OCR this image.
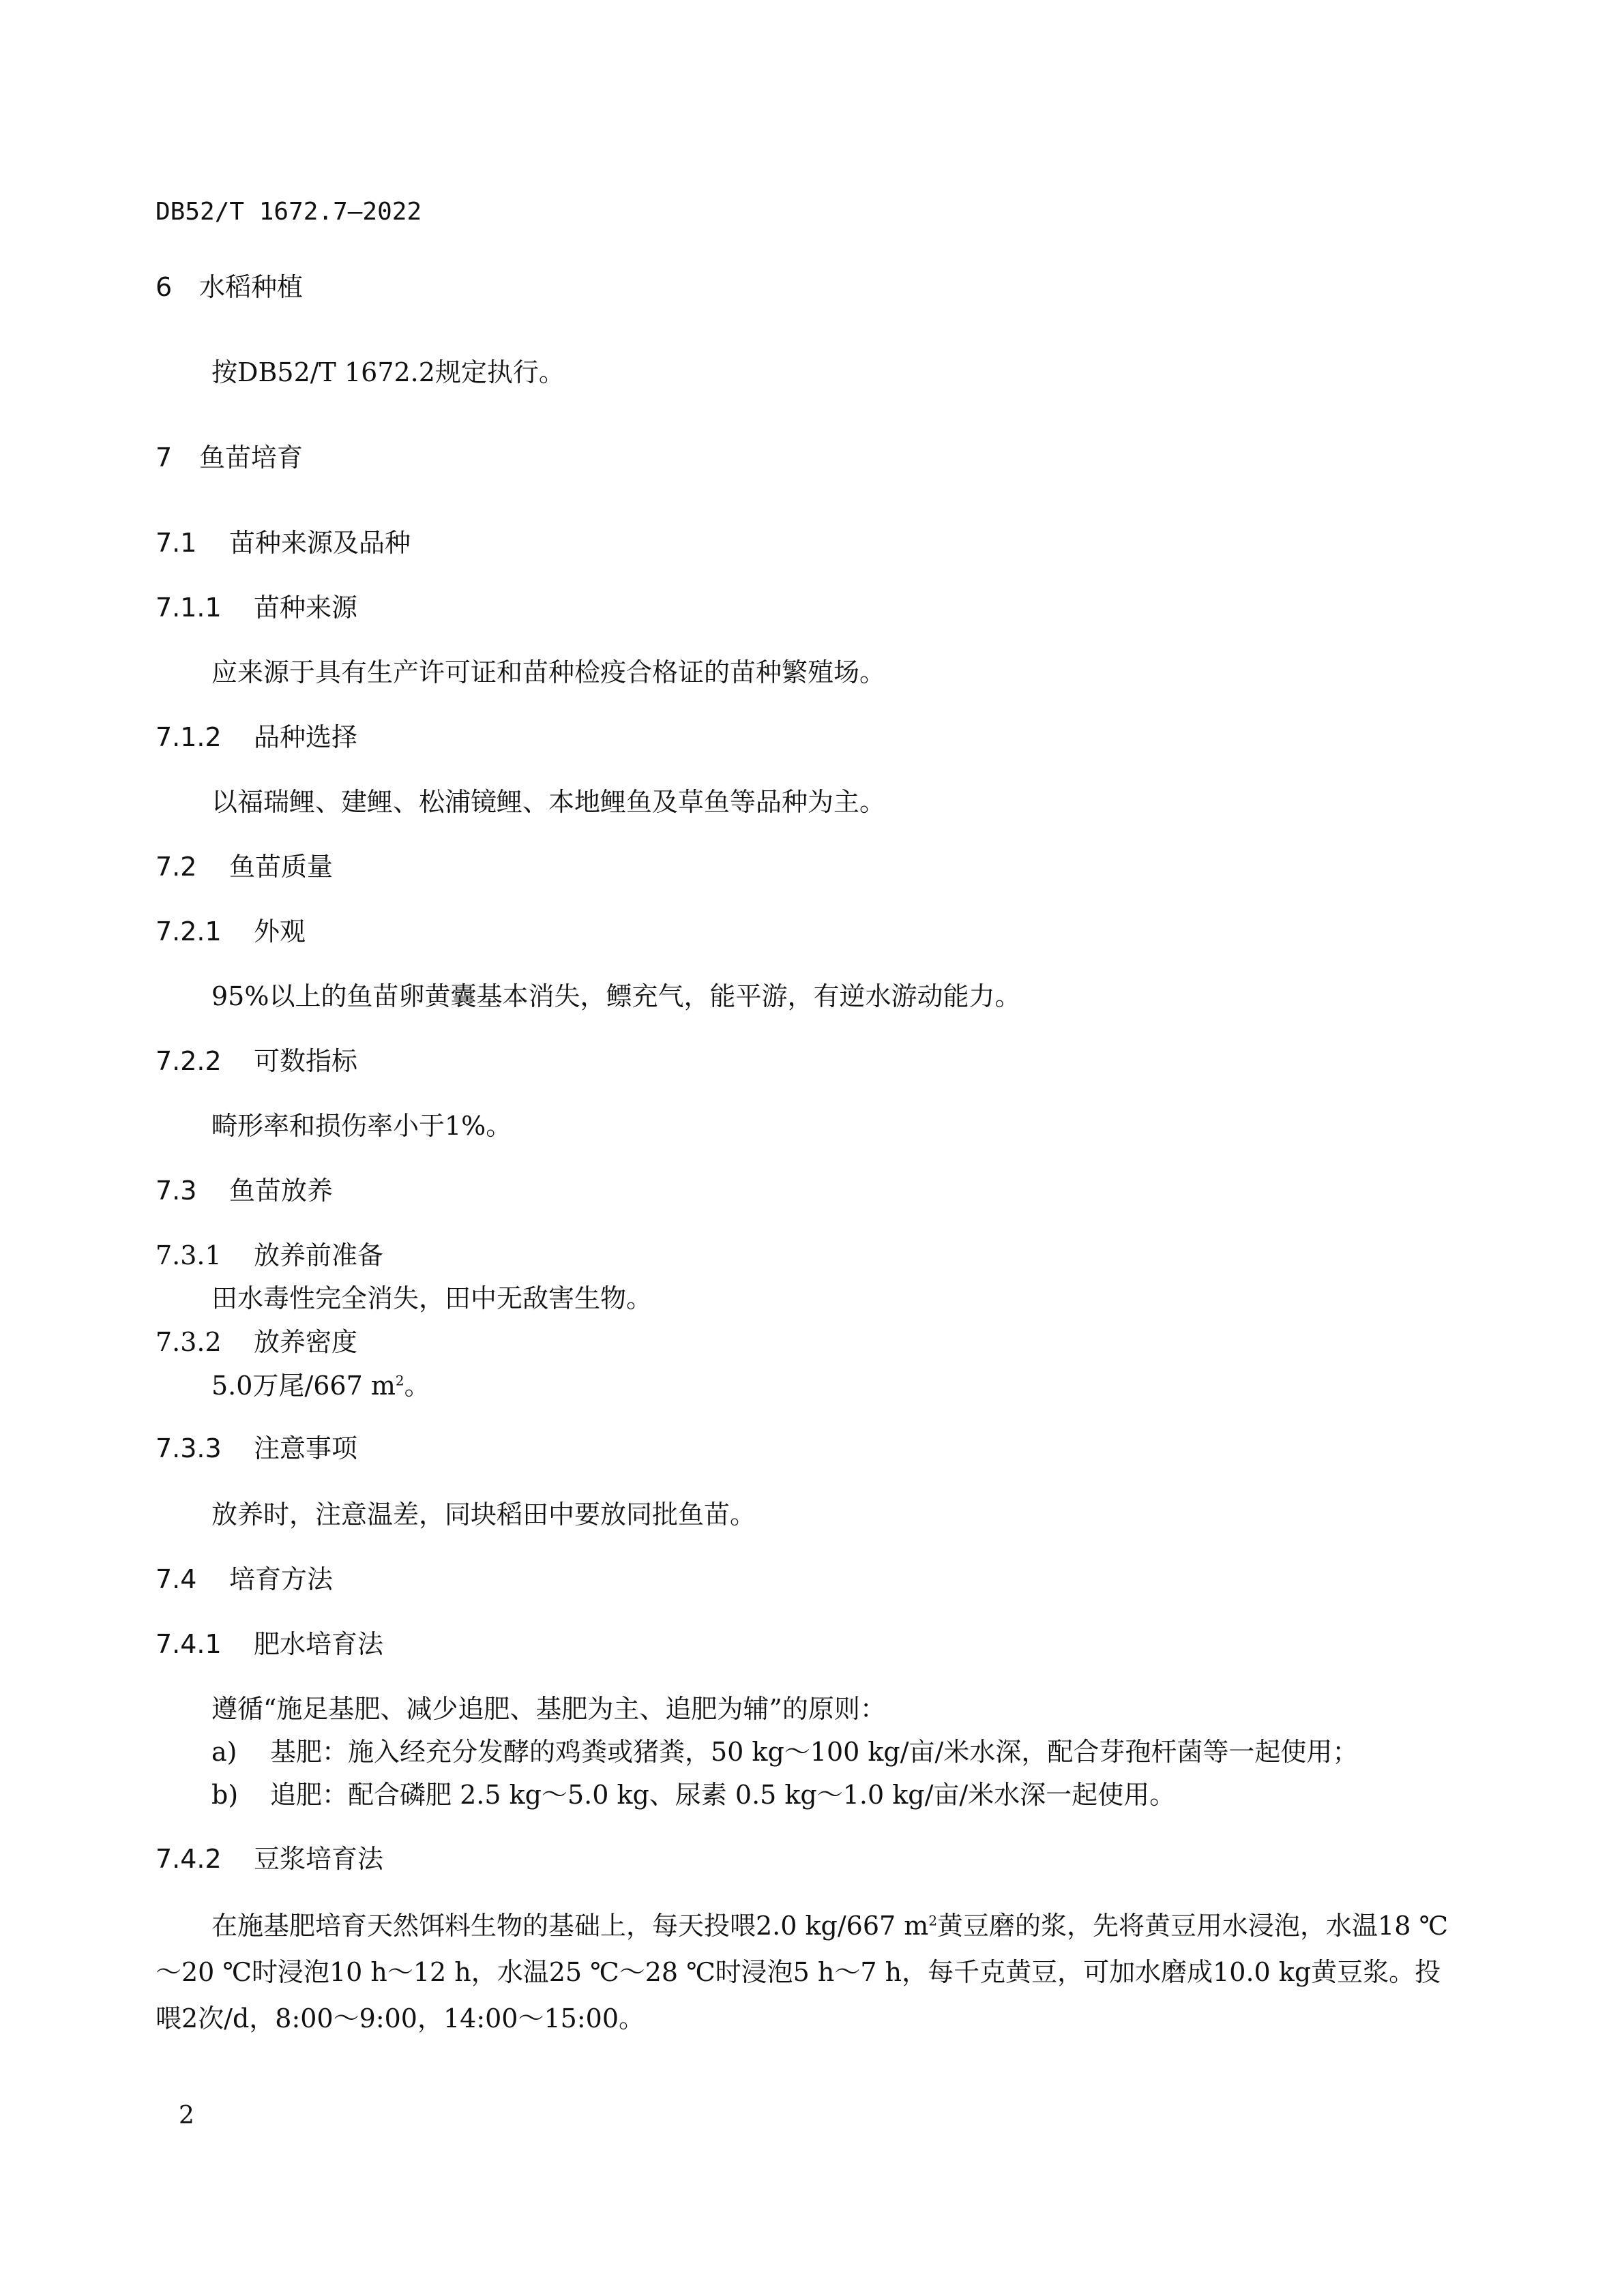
DB52/T 1672.7—2022
6 水稻种植
按DB52/T 1672.2规定执行。
7 鱼苗培育
7.1 苗种来源及品种
7.1.1 苗种来源
应来源于具有生产许可证和苗种检疫合格证的苗种繁殖场。
7.1.2 品种选择
以福瑞鲤、建鲤、松浦镜鲤、本地鲤鱼及草鱼等品种为主。
7.2 鱼苗质量
7.2.1 外观
95%以上的鱼苗卵黄囊基本消失，鳔充气，能平游，有逆水游动能力。
7.2.2 可数指标
畸形率和损伤率小于1%。
7.3 鱼苗放养
7.3.1 放养前准备
田水毒性完全消失，田中无敌害生物。
7.3.2 放养密度
5.0万尾/667 $m^2$。
7.3.3 注意事项
放养时，注意温差，同块稻田中要放同批鱼苗。
7.4 培育方法
7.4.1 肥水培育法
遵循“施足基肥、减少追肥、基肥为主、追肥为辅”的原则：
a) 基肥：施入经充分发酵的鸡粪或猪粪，50 kg～100 kg/亩/米水深，配合芽孢杆菌等一起使用；
b) 追肥：配合磷肥 2.5 kg～5.0 kg、尿素 0.5 kg～1.0 kg/亩/米水深一起使用。
7.4.2 豆浆培育法
在施基肥培育天然饵料生物的基础上，每天投喂2.0 kg/667 $m^2$黄豆磨的浆，先将黄豆用水浸泡，水温18 ℃～20 ℃时浸泡10 h～12 h，水温25 ℃～28 ℃时浸泡5 h～7 h，每千克黄豆，可加水磨成10.0 kg黄豆浆。投喂2次/d，8:00～9:00，14:00～15:00。
2
